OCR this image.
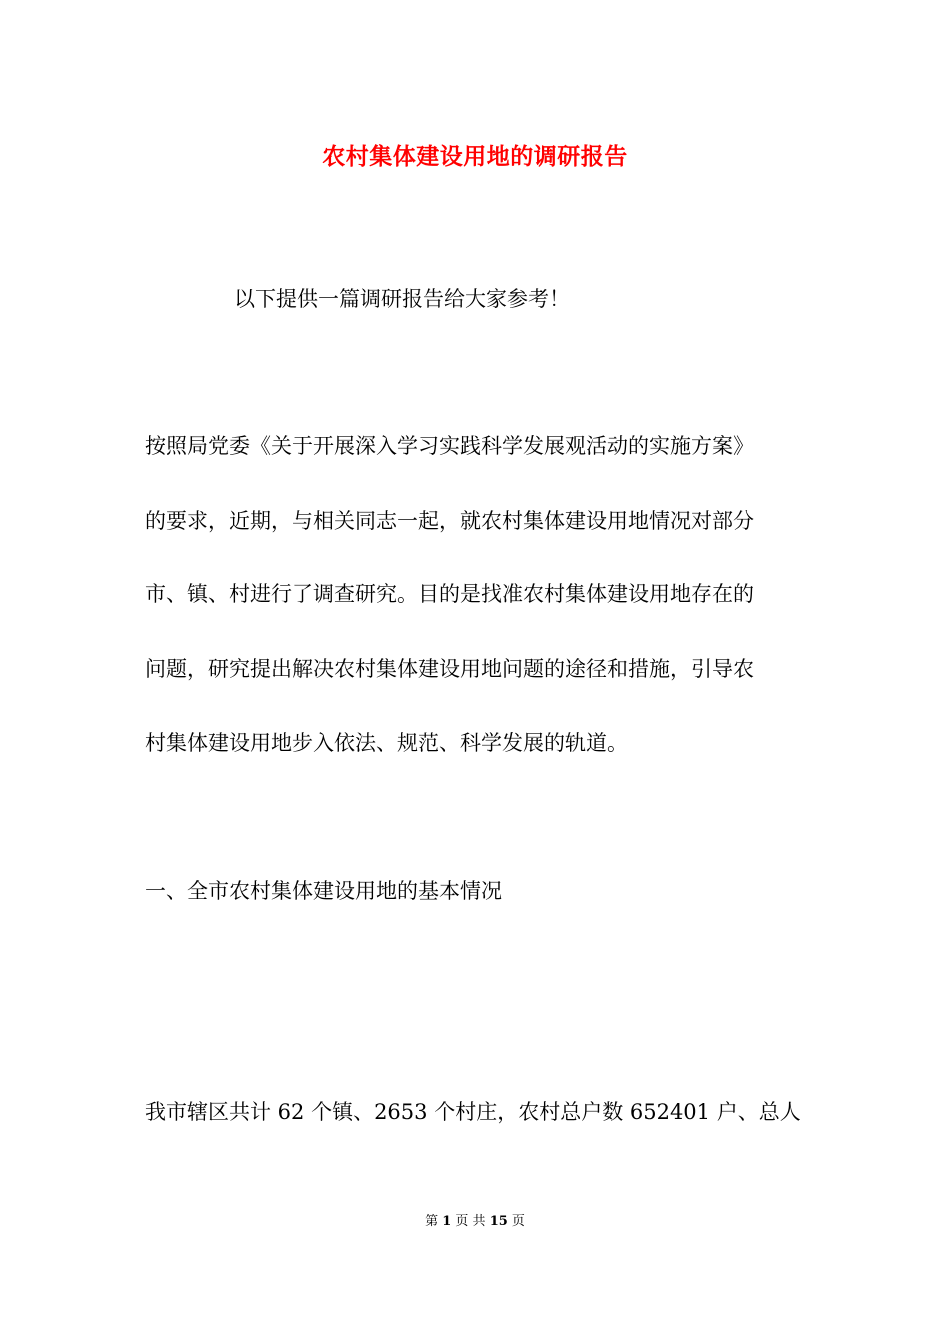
农村集体建设用地的调研报告
以下提供一篇调研报告给大家参考！
按照局党委《关于开展深入学习实践科学发展观活动的实施方案》
的要求，近期，与相关同志一起，就农村集体建设用地情况对部分
市、镇、村进行了调查研究。目的是找准农村集体建设用地存在的
问题，研究提出解决农村集体建设用地问题的途径和措施，引导农
村集体建设用地步入依法、规范、科学发展的轨道。
一、全市农村集体建设用地的基本情况
我市辖区共计 62 个镇、2653 个村庄，农村总户数 652401 户、总人
第 1 页 共 15 页
